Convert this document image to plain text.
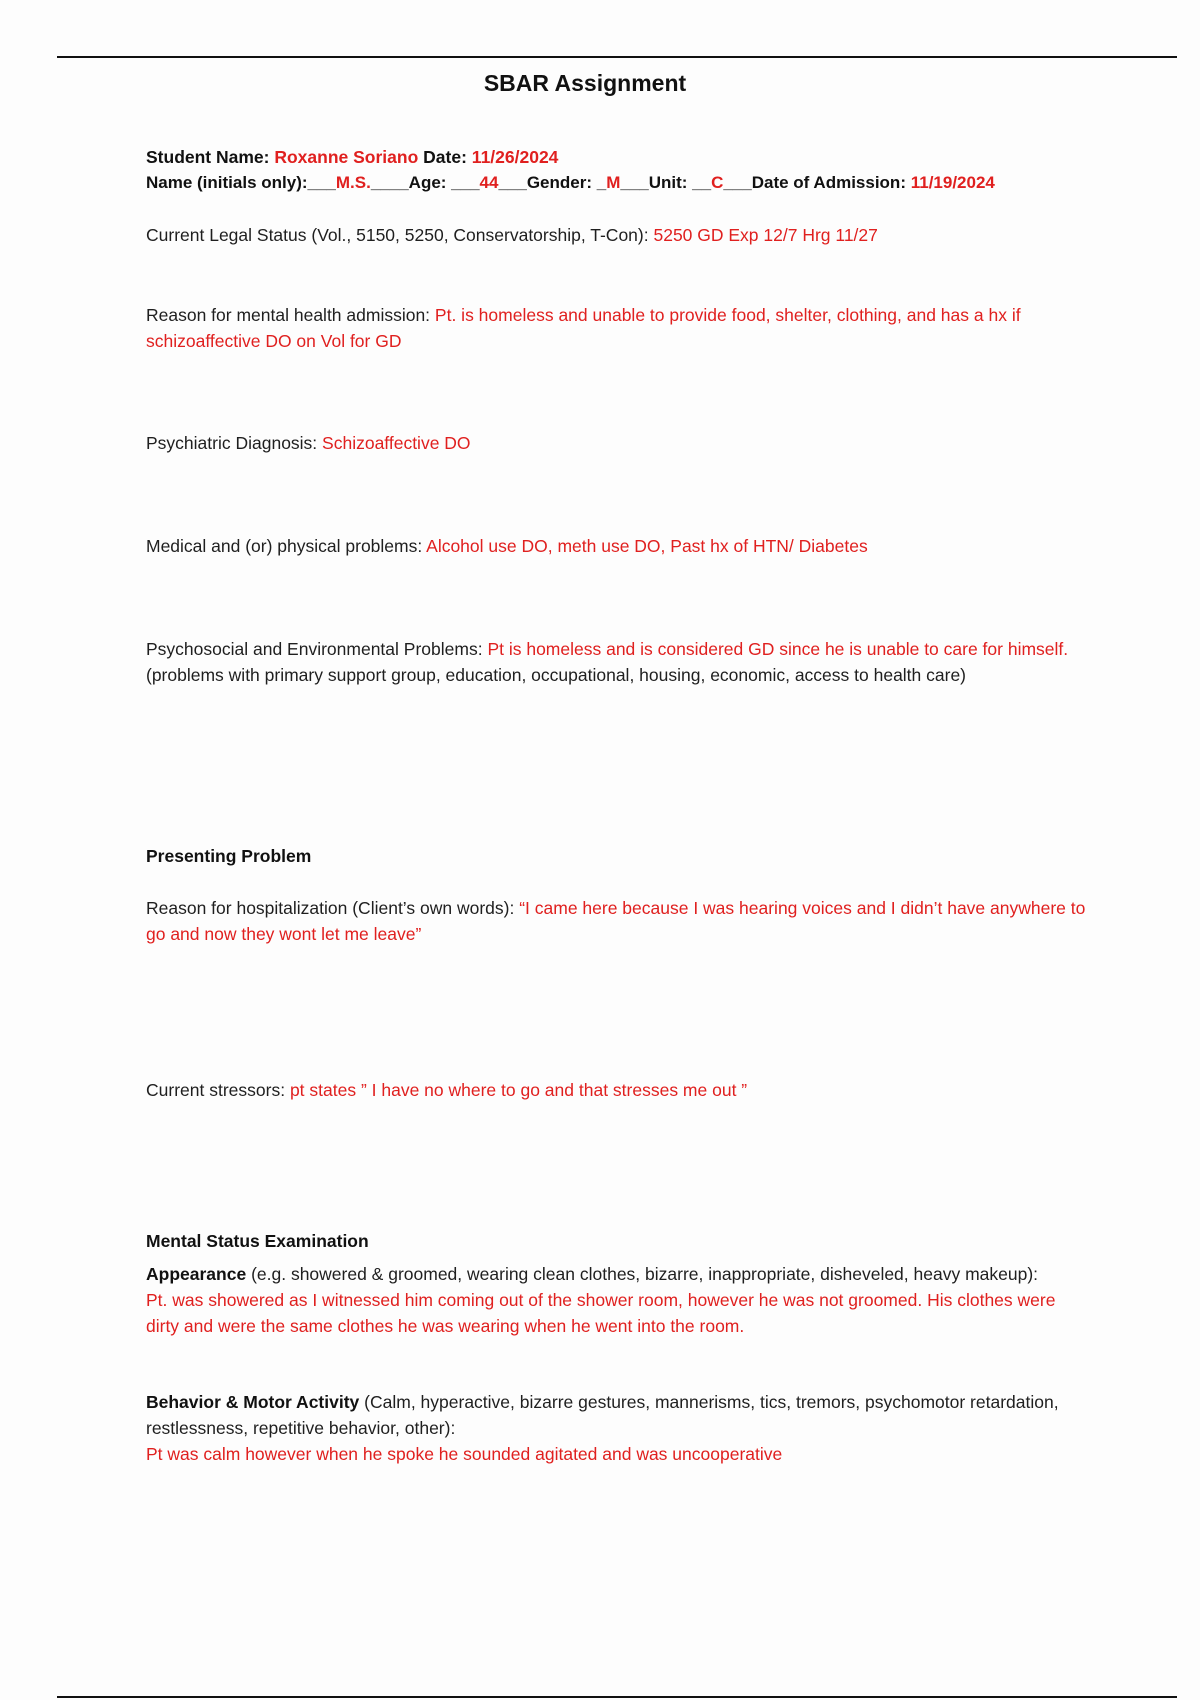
SBAR Assignment
Student Name: Roxanne Soriano Date: 11/26/2024
Name (initials only):___M.S.____Age: ___44___Gender: _M___Unit: __C___Date of Admission: 11/19/2024
Current Legal Status (Vol., 5150, 5250, Conservatorship, T-Con): 5250 GD Exp 12/7 Hrg 11/27
Reason for mental health admission: Pt. is homeless and unable to provide food, shelter, clothing, and has a hx if schizoaffective DO on Vol for GD
Psychiatric Diagnosis: Schizoaffective DO
Medical and (or) physical problems: Alcohol use DO, meth use DO, Past hx of HTN/ Diabetes
Psychosocial and Environmental Problems: Pt is homeless and is considered GD since he is unable to care for himself.
(problems with primary support group, education, occupational, housing, economic, access to health care)
Presenting Problem
Reason for hospitalization (Client’s own words): “I came here because I was hearing voices and I didn’t have anywhere to go and now they wont let me leave”
Current stressors: pt states ” I have no where to go and that stresses me out ”
Mental Status Examination
Appearance (e.g. showered & groomed, wearing clean clothes, bizarre, inappropriate, disheveled, heavy makeup):
Pt. was showered as I witnessed him coming out of the shower room, however he was not groomed. His clothes were dirty and were the same clothes he was wearing when he went into the room.
Behavior & Motor Activity (Calm, hyperactive, bizarre gestures, mannerisms, tics, tremors, psychomotor retardation, restlessness, repetitive behavior, other):
Pt was calm however when he spoke he sounded agitated and was uncooperative
